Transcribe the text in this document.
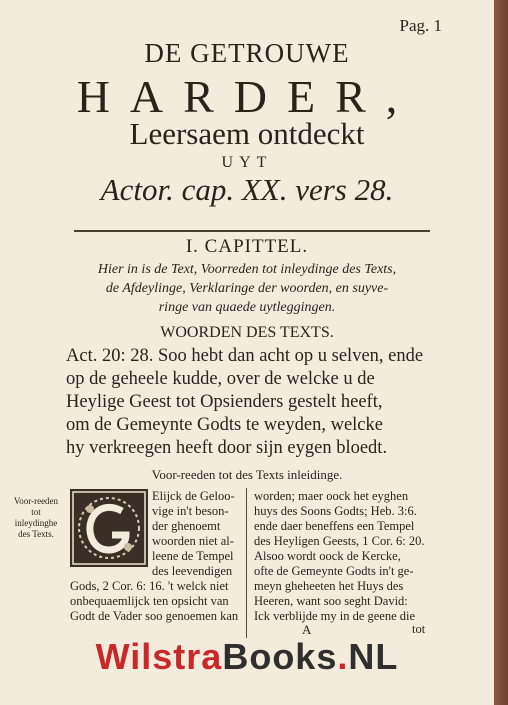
Pag. 1
DE GETROUWE
HARDER,
Leersaem ontdeckt
UYT
Actor. cap. XX. vers 28.
I. CAPITTEL.
Hier in is de Text, Voorreden tot inleydinge des Texts,
de Afdeylinge, Verklaringe der woorden, en suyve-
ringe van quaede uytleggingen.
WOORDEN DES TEXTS.
Act. 20: 28. Soo hebt dan acht op u selven, ende
op de geheele kudde, over de welcke u de
Heylige Geest tot Opsienders gestelt heeft,
om de Gemeynte Godts te weyden, welcke
hy verkreegen heeft door sijn eygen bloedt.
Voor-reeden tot des Texts inleidinge.
Voor-reeden tot inleydinghe des Texts.
Elijck de Geloo-
vige in't beson-
der ghenoemt
woorden niet al-
leene de Tempel
des leevendigen
Gods, 2 Cor. 6: 16. 't welck niet
onbequaemlijck ten opsicht van
Godt de Vader soo genoemen kan
worden; maer oock het eyghen
huys des Soons Godts; Heb. 3:6.
ende daer beneffens een Tempel
des Heyligen Geests, 1 Cor. 6: 20.
Alsoo wordt oock de Kercke,
ofte de Gemeynte Godts in't ge-
meyn gheheeten het Huys des
Heeren, want soo seght David:
Ick verblijde my in de geene die
A	tot
WilstraBooks.NL
